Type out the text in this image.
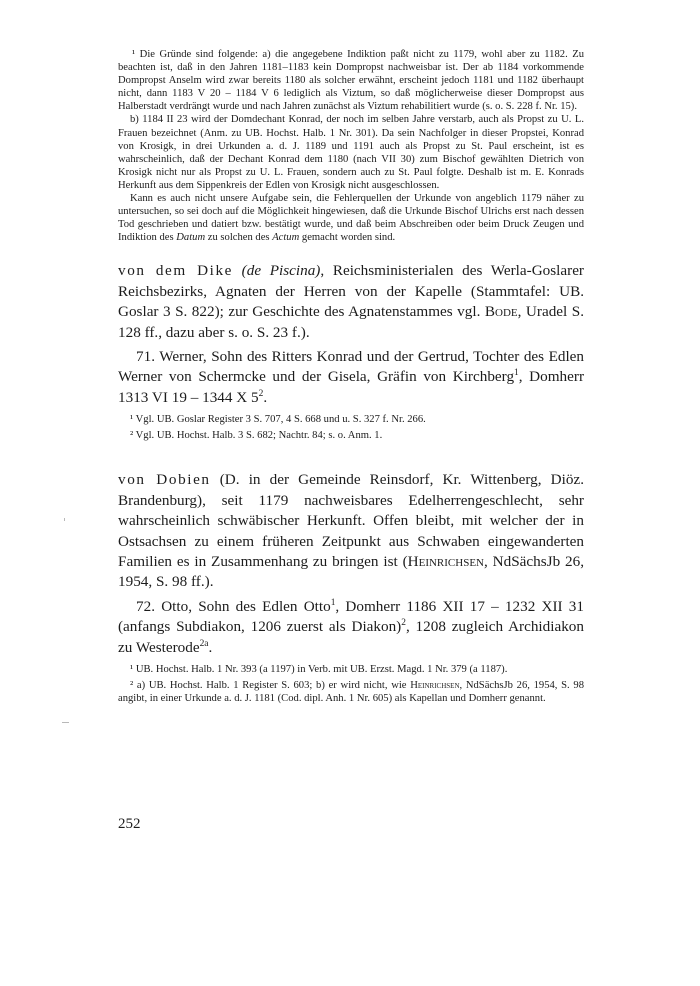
¹ Die Gründe sind folgende: a) die angegebene Indiktion paßt nicht zu 1179, wohl aber zu 1182. Zu beachten ist, daß in den Jahren 1181–1183 kein Dompropst nachweisbar ist. Der ab 1184 vorkommende Dompropst Anselm wird zwar bereits 1180 als solcher erwähnt, erscheint jedoch 1181 und 1182 überhaupt nicht, dann 1183 V 20 – 1184 V 6 lediglich als Viztum, so daß möglicherweise dieser Dompropst aus Halberstadt verdrängt wurde und nach Jahren zunächst als Viztum rehabilitiert wurde (s. o. S. 228 f. Nr. 15).

b) 1184 II 23 wird der Domdechant Konrad, der noch im selben Jahre verstarb, auch als Propst zu U. L. Frauen bezeichnet (Anm. zu UB. Hochst. Halb. 1 Nr. 301). Da sein Nachfolger in dieser Propstei, Konrad von Krosigk, in drei Urkunden a. d. J. 1189 und 1191 auch als Propst zu St. Paul erscheint, ist es wahrscheinlich, daß der Dechant Konrad dem 1180 (nach VII 30) zum Bischof gewählten Dietrich von Krosigk nicht nur als Propst zu U. L. Frauen, sondern auch zu St. Paul folgte. Deshalb ist m. E. Konrads Herkunft aus dem Sippenkreis der Edlen von Krosigk nicht ausgeschlossen.

Kann es auch nicht unsere Aufgabe sein, die Fehlerquellen der Urkunde von angeblich 1179 näher zu untersuchen, so sei doch auf die Möglichkeit hingewiesen, daß die Urkunde Bischof Ulrichs erst nach dessen Tod geschrieben und datiert bzw. bestätigt wurde, und daß beim Abschreiben oder beim Druck Zeugen und Indiktion des Datum zu solchen des Actum gemacht worden sind.

von dem Dike (de Piscina), Reichsministerialen des Werla-Goslarer Reichsbezirks, Agnaten der Herren von der Kapelle (Stammtafel: UB. Goslar 3 S. 822); zur Geschichte des Agnatenstammes vgl. Bode, Uradel S. 128 ff., dazu aber s. o. S. 23 f.).

71. Werner, Sohn des Ritters Konrad und der Gertrud, Tochter des Edlen Werner von Schermcke und der Gisela, Gräfin von Kirchberg$^1$, Domherr 1313 VI 19 – 1344 X $5^2$.

¹ Vgl. UB. Goslar Register 3 S. 707, 4 S. 668 und u. S. 327 f. Nr. 266.

² Vgl. UB. Hochst. Halb. 3 S. 682; Nachtr. 84; s. o. Anm. 1.

von Dobien (D. in der Gemeinde Reinsdorf, Kr. Wittenberg, Diöz. Brandenburg), seit 1179 nachweisbares Edelherrengeschlecht, sehr wahrscheinlich schwäbischer Herkunft. Offen bleibt, mit welcher der in Ostsachsen zu einem früheren Zeitpunkt aus Schwaben eingewanderten Familien es in Zusammenhang zu bringen ist (Heinrichsen, NdSächsJb 26, 1954, S. 98 ff.).

72. Otto, Sohn des Edlen Otto$^1$, Domherr 1186 XII 17 – 1232 XII 31 (anfangs Subdiakon, 1206 zuerst als Diakon)$^2$, 1208 zugleich Archidiakon zu Westerode$^{2a}$.

¹ UB. Hochst. Halb. 1 Nr. 393 (a 1197) in Verb. mit UB. Erzst. Magd. 1 Nr. 379 (a 1187).

² a) UB. Hochst. Halb. 1 Register S. 603; b) er wird nicht, wie Heinrichsen, NdSächsJb 26, 1954, S. 98 angibt, in einer Urkunde a. d. J. 1181 (Cod. dipl. Anh. 1 Nr. 605) als Kapellan und Domherr genannt.

252
